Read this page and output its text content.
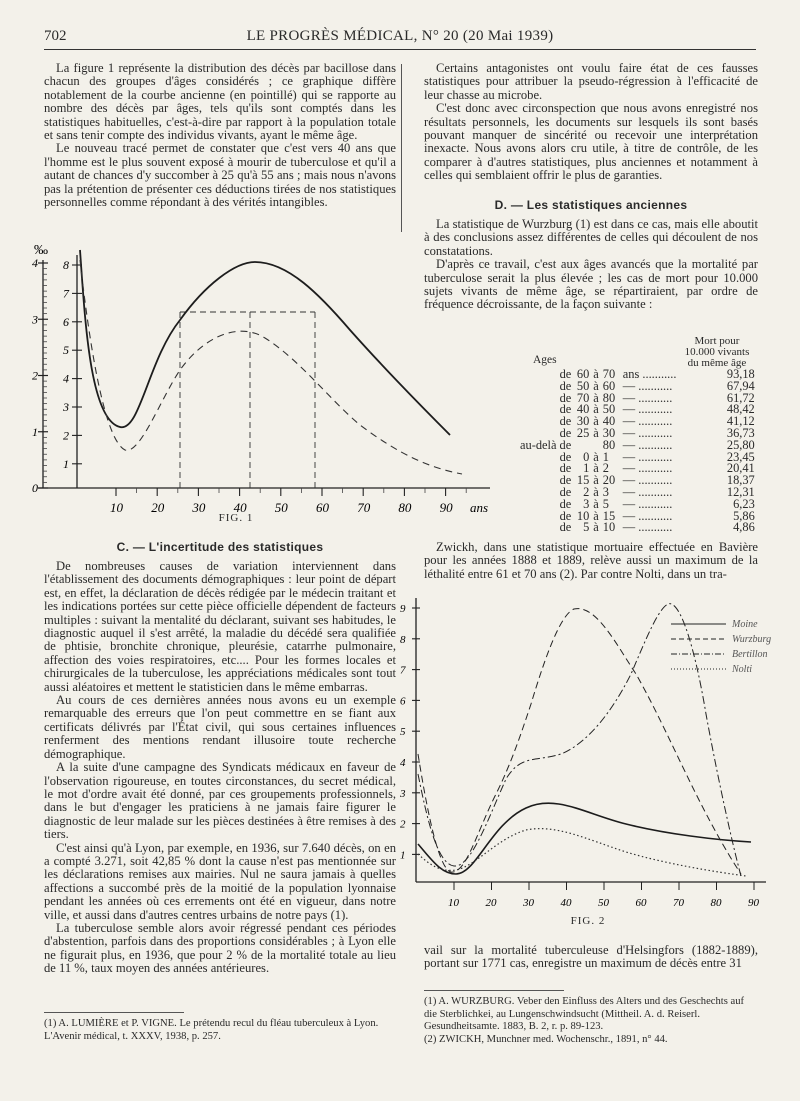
702	LE PROGRÈS MÉDICAL, N° 20 (20 Mai 1939)

La figure 1 représente la distribution des décès par bacillose dans chacun des groupes d'âges considérés ; ce graphique diffère notablement de la courbe ancienne (en pointillé) qui se rapporte au nombre des décès par âges, tels qu'ils sont comptés dans les statistiques habituelles, c'est-à-dire par rapport à la population totale et sans tenir compte des individus vivants, ayant le même âge.

Le nouveau tracé permet de constater que c'est vers 40 ans que l'homme est le plus souvent exposé à mourir de tuberculose et qu'il a autant de chances d'y succomber à 25 qu'à 55 ans ; mais nous n'avons pas la prétention de présenter ces déductions tirées de nos statistiques personnelles comme répondant à des vérités intangibles.

‰
4
3
2
1
0
8
7
6
5
4
3
2
1
10 20 30 40 50 60 70 80 90 ans
FIG. 1
C. — L'incertitude des statistiques

De nombreuses causes de variation interviennent dans l'établissement des documents démographiques : leur point de départ est, en effet, la déclaration de décès rédigée par le médecin traitant et les indications portées sur cette pièce officielle dépendent de facteurs multiples : suivant la mentalité du déclarant, suivant ses habitudes, le diagnostic auquel il s'est arrêté, la maladie du décédé sera qualifiée de phtisie, bronchite chronique, pleurésie, catarrhe pulmonaire, affection des voies respiratoires, etc.... Pour les formes locales et chirurgicales de la tuberculose, les appréciations médicales sont tout aussi aléatoires et mettent le statisticien dans le même embarras.

Au cours de ces dernières années nous avons eu un exemple remarquable des erreurs que l'on peut commettre en se fiant aux certificats délivrés par l'État civil, qui sous certaines influences renferment des mentions rendant illusoire toute recherche démographique.

A la suite d'une campagne des Syndicats médicaux en faveur de l'observation rigoureuse, en toutes circonstances, du secret médical, le mot d'ordre avait été donné, par ces groupements professionnels, dans le but d'engager les praticiens à ne jamais faire figurer le diagnostic de leur malade sur les pièces destinées à être remises à des tiers.

C'est ainsi qu'à Lyon, par exemple, en 1936, sur 7.640 décès, on en a compté 3.271, soit 42,85 % dont la cause n'est pas mentionnée sur les déclarations remises aux mairies. Nul ne saura jamais à quelles affections a succombé près de la moitié de la population lyonnaise pendant les années où ces errements ont été en vigueur, dans notre ville, et aussi dans d'autres centres urbains de notre pays (1).

La tuberculose semble alors avoir régressé pendant ces périodes d'abstention, parfois dans des proportions considérables ; à Lyon elle ne figurait plus, en 1936, que pour 2 % de la mortalité totale au lieu de 11 %, taux moyen des années antérieures.

(1) A. LUMIÈRE et P. VIGNE. Le prétendu recul du fléau tuberculeux à Lyon. L'Avenir médical, t. XXXV, 1938, p. 257.

Certains antagonistes ont voulu faire état de ces fausses statistiques pour attribuer la pseudo-régression à l'efficacité de leur chasse au microbe.

C'est donc avec circonspection que nous avons enregistré nos résultats personnels, les documents sur lesquels ils sont basés pouvant manquer de sincérité ou recevoir une interprétation inexacte. Nous avons alors cru utile, à titre de contrôle, de les comparer à d'autres statistiques, plus anciennes et notamment à celles qui semblaient offrir le plus de garanties.

D. — Les statistiques anciennes

La statistique de Wurzburg (1) est dans ce cas, mais elle aboutit à des conclusions assez différentes de celles qui découlent de nos constatations.

D'après ce travail, c'est aux âges avancés que la mortalité par tuberculose serait la plus élevée ; les cas de mort pour 10.000 sujets vivants de même âge, se répartiraient, par ordre de fréquence décroissante, de la façon suivante :

Mort pour
10.000 vivants
du même âge
Ages
de	60	à	70	ans ...........	93,18
de	50	à	60	— ...........	67,94
de	70	à	80	— ...........	61,72
de	40	à	50	— ...........	48,42
de	30	à	40	— ...........	41,12
de	25	à	30	— ...........	36,73
au-delà de			80	— ...........	25,80
de	0	à	1	— ...........	23,45
de	1	à	2	— ...........	20,41
de	15	à	20	— ...........	18,37
de	2	à	3	— ...........	12,31
de	3	à	5	— ...........	6,23
de	10	à	15	— ...........	5,86
de	5	à	10	— ...........	4,86

Zwickh, dans une statistique mortuaire effectuée en Bavière pour les années 1888 et 1889, relève aussi un maximum de la léthalité entre 61 et 70 ans (2). Par contre Nolti, dans un tra-

9
8
7
6
5
4
3
2
1
10 20 30 40 50 60 70 80 90
Moine
Wurzburg
Bertillon
Nolti
FIG. 2

vail sur la mortalité tuberculeuse d'Helsingfors (1882-1889), portant sur 1771 cas, enregistre un maximum de décès entre 31

(1) A. WURZBURG. Veber den Einfluss des Alters und des Geschechts auf die Sterblichkei, au Lungenschwindsucht (Mittheil. A. d. Reiserl. Gesundheitsamte. 1883, B. 2, r. p. 89-123.
(2) ZWICKH, Munchner med. Wochenschr., 1891, n° 44.
